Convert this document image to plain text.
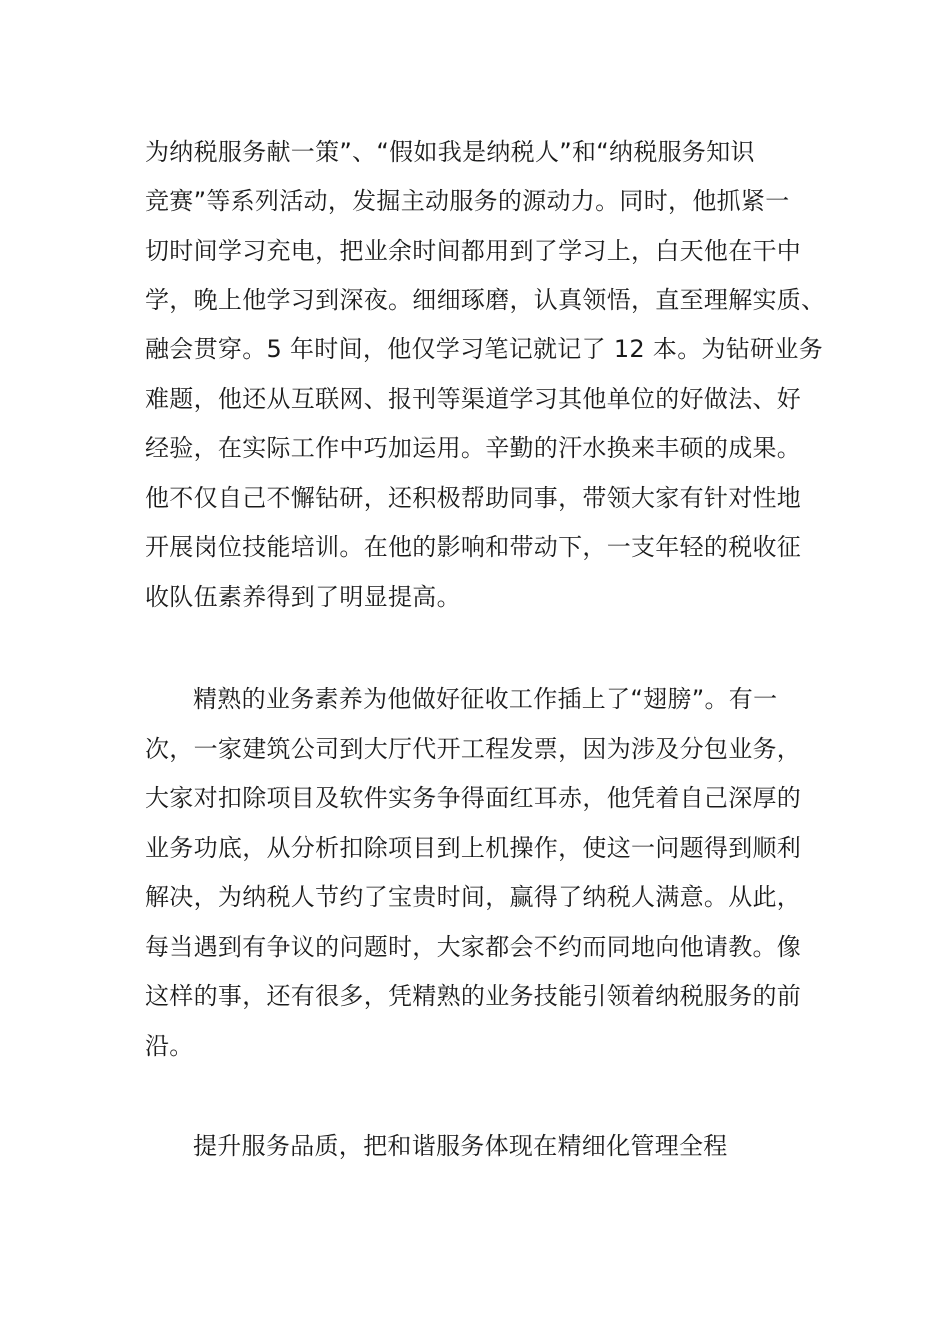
为纳税服务献一策”、“假如我是纳税人”和“纳税服务知识
竞赛”等系列活动，发掘主动服务的源动力。同时，他抓紧一
切时间学习充电，把业余时间都用到了学习上，白天他在干中
学，晚上他学习到深夜。细细琢磨，认真领悟，直至理解实质、
融会贯穿。5 年时间，他仅学习笔记就记了 12 本。为钻研业务
难题，他还从互联网、报刊等渠道学习其他单位的好做法、好
经验，在实际工作中巧加运用。辛勤的汗水换来丰硕的成果。
他不仅自己不懈钻研，还积极帮助同事，带领大家有针对性地
开展岗位技能培训。在他的影响和带动下，一支年轻的税收征
收队伍素养得到了明显提高。
精熟的业务素养为他做好征收工作插上了“翅膀”。有一
次，一家建筑公司到大厅代开工程发票，因为涉及分包业务，
大家对扣除项目及软件实务争得面红耳赤，他凭着自己深厚的
业务功底，从分析扣除项目到上机操作，使这一问题得到顺利
解决，为纳税人节约了宝贵时间，赢得了纳税人满意。从此，
每当遇到有争议的问题时，大家都会不约而同地向他请教。像
这样的事，还有很多，凭精熟的业务技能引领着纳税服务的前
沿。
提升服务品质，把和谐服务体现在精细化管理全程
